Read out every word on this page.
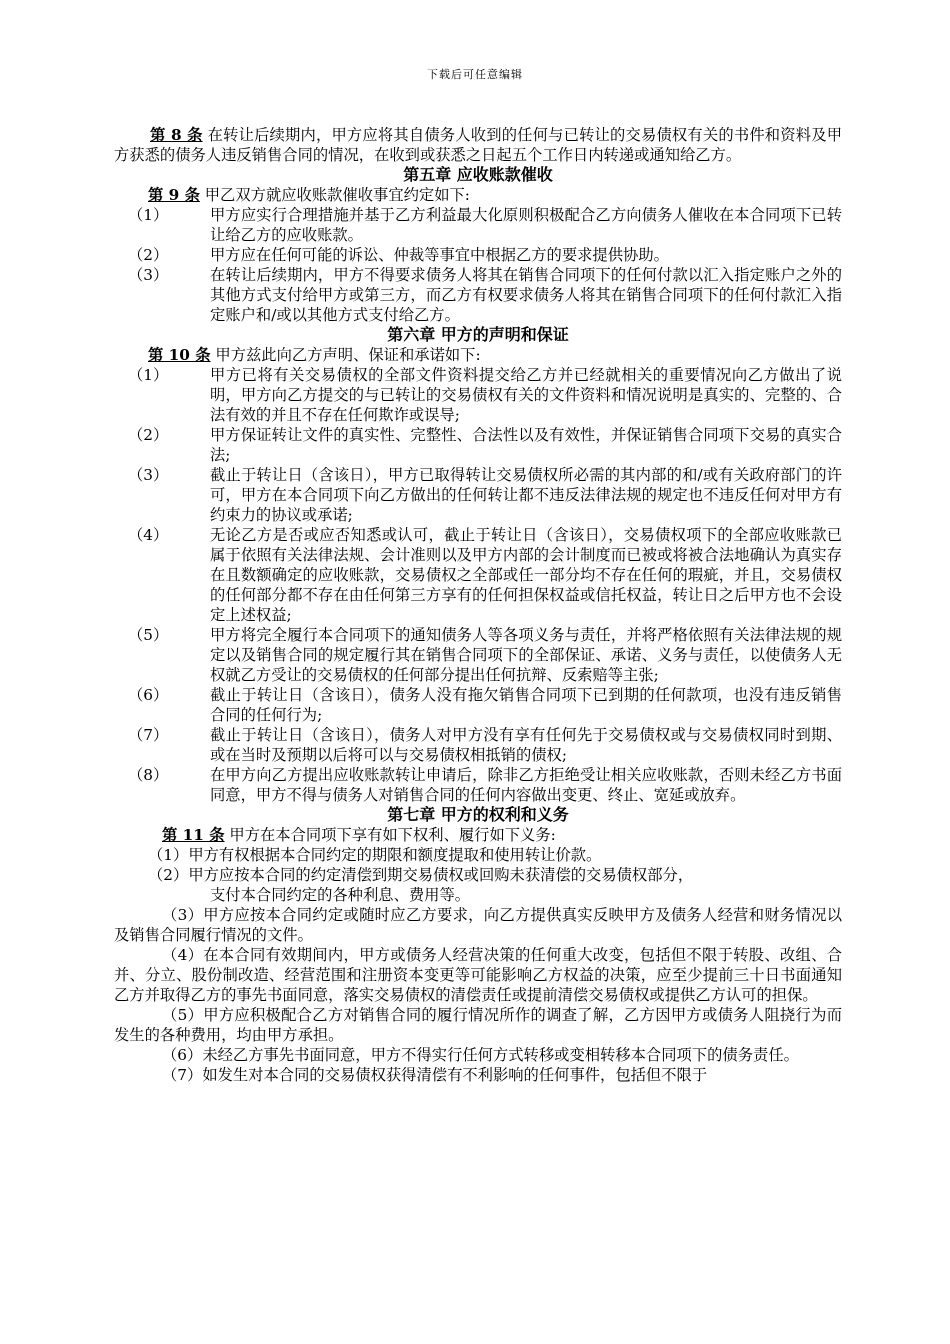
下载后可任意编辑

第 8 条 在转让后续期内，甲方应将其自债务人收到的任何与已转让的交易债权有关的书件和资料及甲方获悉的债务人违反销售合同的情况，在收到或获悉之日起五个工作日内转递或通知给乙方。

第五章 应收账款催收

第 9 条 甲乙双方就应收账款催收事宜约定如下:

（1）	甲方应实行合理措施并基于乙方利益最大化原则积极配合乙方向债务人催收在本合同项下已转让给乙方的应收账款。
（2）	甲方应在任何可能的诉讼、仲裁等事宜中根据乙方的要求提供协助。
（3）	在转让后续期内，甲方不得要求债务人将其在销售合同项下的任何付款以汇入指定账户之外的其他方式支付给甲方或第三方，而乙方有权要求债务人将其在销售合同项下的任何付款汇入指定账户和/或以其他方式支付给乙方。

第六章 甲方的声明和保证

第 10 条 甲方兹此向乙方声明、保证和承诺如下:

（1）	甲方已将有关交易债权的全部文件资料提交给乙方并已经就相关的重要情况向乙方做出了说明，甲方向乙方提交的与已转让的交易债权有关的文件资料和情况说明是真实的、完整的、合法有效的并且不存在任何欺诈或误导;
（2）	甲方保证转让文件的真实性、完整性、合法性以及有效性，并保证销售合同项下交易的真实合法;
（3）	截止于转让日（含该日），甲方已取得转让交易债权所必需的其内部的和/或有关政府部门的许可，甲方在本合同项下向乙方做出的任何转让都不违反法律法规的规定也不违反任何对甲方有约束力的协议或承诺;
（4）	无论乙方是否或应否知悉或认可，截止于转让日（含该日），交易债权项下的全部应收账款已属于依照有关法律法规、会计准则以及甲方内部的会计制度而已被或将被合法地确认为真实存在且数额确定的应收账款，交易债权之全部或任一部分均不存在任何的瑕疵，并且，交易债权的任何部分都不存在由任何第三方享有的任何担保权益或信托权益，转让日之后甲方也不会设定上述权益;
（5）	甲方将完全履行本合同项下的通知债务人等各项义务与责任，并将严格依照有关法律法规的规定以及销售合同的规定履行其在销售合同项下的全部保证、承诺、义务与责任，以使债务人无权就乙方受让的交易债权的任何部分提出任何抗辩、反索赔等主张;
（6）	截止于转让日（含该日），债务人没有拖欠销售合同项下已到期的任何款项，也没有违反销售合同的任何行为;
（7）	截止于转让日（含该日），债务人对甲方没有享有任何先于交易债权或与交易债权同时到期、或在当时及预期以后将可以与交易债权相抵销的债权;
（8）	在甲方向乙方提出应收账款转让申请后，除非乙方拒绝受让相关应收账款，否则未经乙方书面同意，甲方不得与债务人对销售合同的任何内容做出变更、终止、宽延或放弃。

第七章 甲方的权利和义务

第 11 条 甲方在本合同项下享有如下权利、履行如下义务:

（1）甲方有权根据本合同约定的期限和额度提取和使用转让价款。

（2）甲方应按本合同的约定清偿到期交易债权或回购未获清偿的交易债权部分，

支付本合同约定的各种利息、费用等。

（3）甲方应按本合同约定或随时应乙方要求，向乙方提供真实反映甲方及债务人经营和财务情况以及销售合同履行情况的文件。

（4）在本合同有效期间内，甲方或债务人经营决策的任何重大改变，包括但不限于转股、改组、合并、分立、股份制改造、经营范围和注册资本变更等可能影响乙方权益的决策，应至少提前三十日书面通知乙方并取得乙方的事先书面同意，落实交易债权的清偿责任或提前清偿交易债权或提供乙方认可的担保。

（5）甲方应积极配合乙方对销售合同的履行情况所作的调查了解，乙方因甲方或债务人阻挠行为而发生的各种费用，均由甲方承担。

（6）未经乙方事先书面同意，甲方不得实行任何方式转移或变相转移本合同项下的债务责任。

（7）如发生对本合同的交易债权获得清偿有不利影响的任何事件，包括但不限于
